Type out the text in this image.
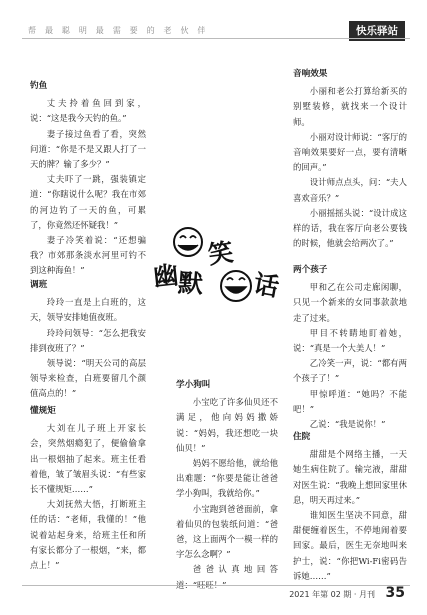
帮 最 聪 明 最 需 要 的 老 伙 伴	快乐驿站
钓鱼

丈夫拎着鱼回到家，说：“这是我今天钓的鱼。”

妻子接过鱼看了看，突然问道：“你是不是又跟人打了一天的牌？输了多少？”

丈夫吓了一跳，强装镇定道：“你瞎说什么呢？我在市郊的河边钓了一天的鱼，可累了，你竟然还怀疑我！”

妻子冷笑着说：“还想骗我？市郊那条淡水河里可钓不到这种海鱼！”

调班

玲玲一直是上白班的，这天，领导安排她值夜班。

玲玲问领导：“怎么把我安排到夜班了？”

领导说：“明天公司的高层领导来检查，白班要留几个颜值高点的！”

懂规矩

大刘在儿子班上开家长会，突然烟瘾犯了，便偷偷拿出一根烟抽了起来。班主任看着他，皱了皱眉头说：“有些家长不懂规矩……”

大刘抚然大悟，打断班主任的话：“老师，我懂的！”他说着站起身来，给班主任和所有家长都分了一根烟，“来，都点上！”

幽
默
笑
话
学小狗叫

小宝吃了许多仙贝还不满足，他向妈妈撒娇说：“妈妈，我还想吃一块仙贝！”

妈妈不愿给他，就给他出难题：“你要是能让爸爸学小狗叫，我就给你。”

小宝跑到爸爸面前，拿着仙贝的包装纸问道：“爸爸，这上面两个一模一样的字怎么念啊？”

爸爸认真地回答

音响效果

小丽和老公打算给新买的别墅装修，就找来一个设计师。

小丽对设计师说：“客厅的音响效果要好一点，要有清晰的回声。”

设计师点点头，问：“夫人喜欢音乐？”

小丽摇摇头说：“设计成这样的话，我在客厅向老公要钱的时候，他就会给两次了。”

两个孩子

甲和乙在公司走廊闲聊，只见一个新来的女同事款款地走了过来。

甲目不转睛地盯着她，说：“真是一个大美人！”

乙冷笑一声，说：“都有两个孩子了！”

甲惊呼道：“她吗？不能吧！”

乙说：“我是说你！”

住院

甜甜是个网络主播，一天她生病住院了。输完液，甜甜对医生说：“我晚上想回家里休息，明天再过来。”

谁知医生坚决不同意，甜甜便缠着医生，不停地闹着要回家。最后，医生无奈地叫来护士，说：“你把Wi-Fi密码告诉她……”

2021 年第 02 期 · 月刊 35
